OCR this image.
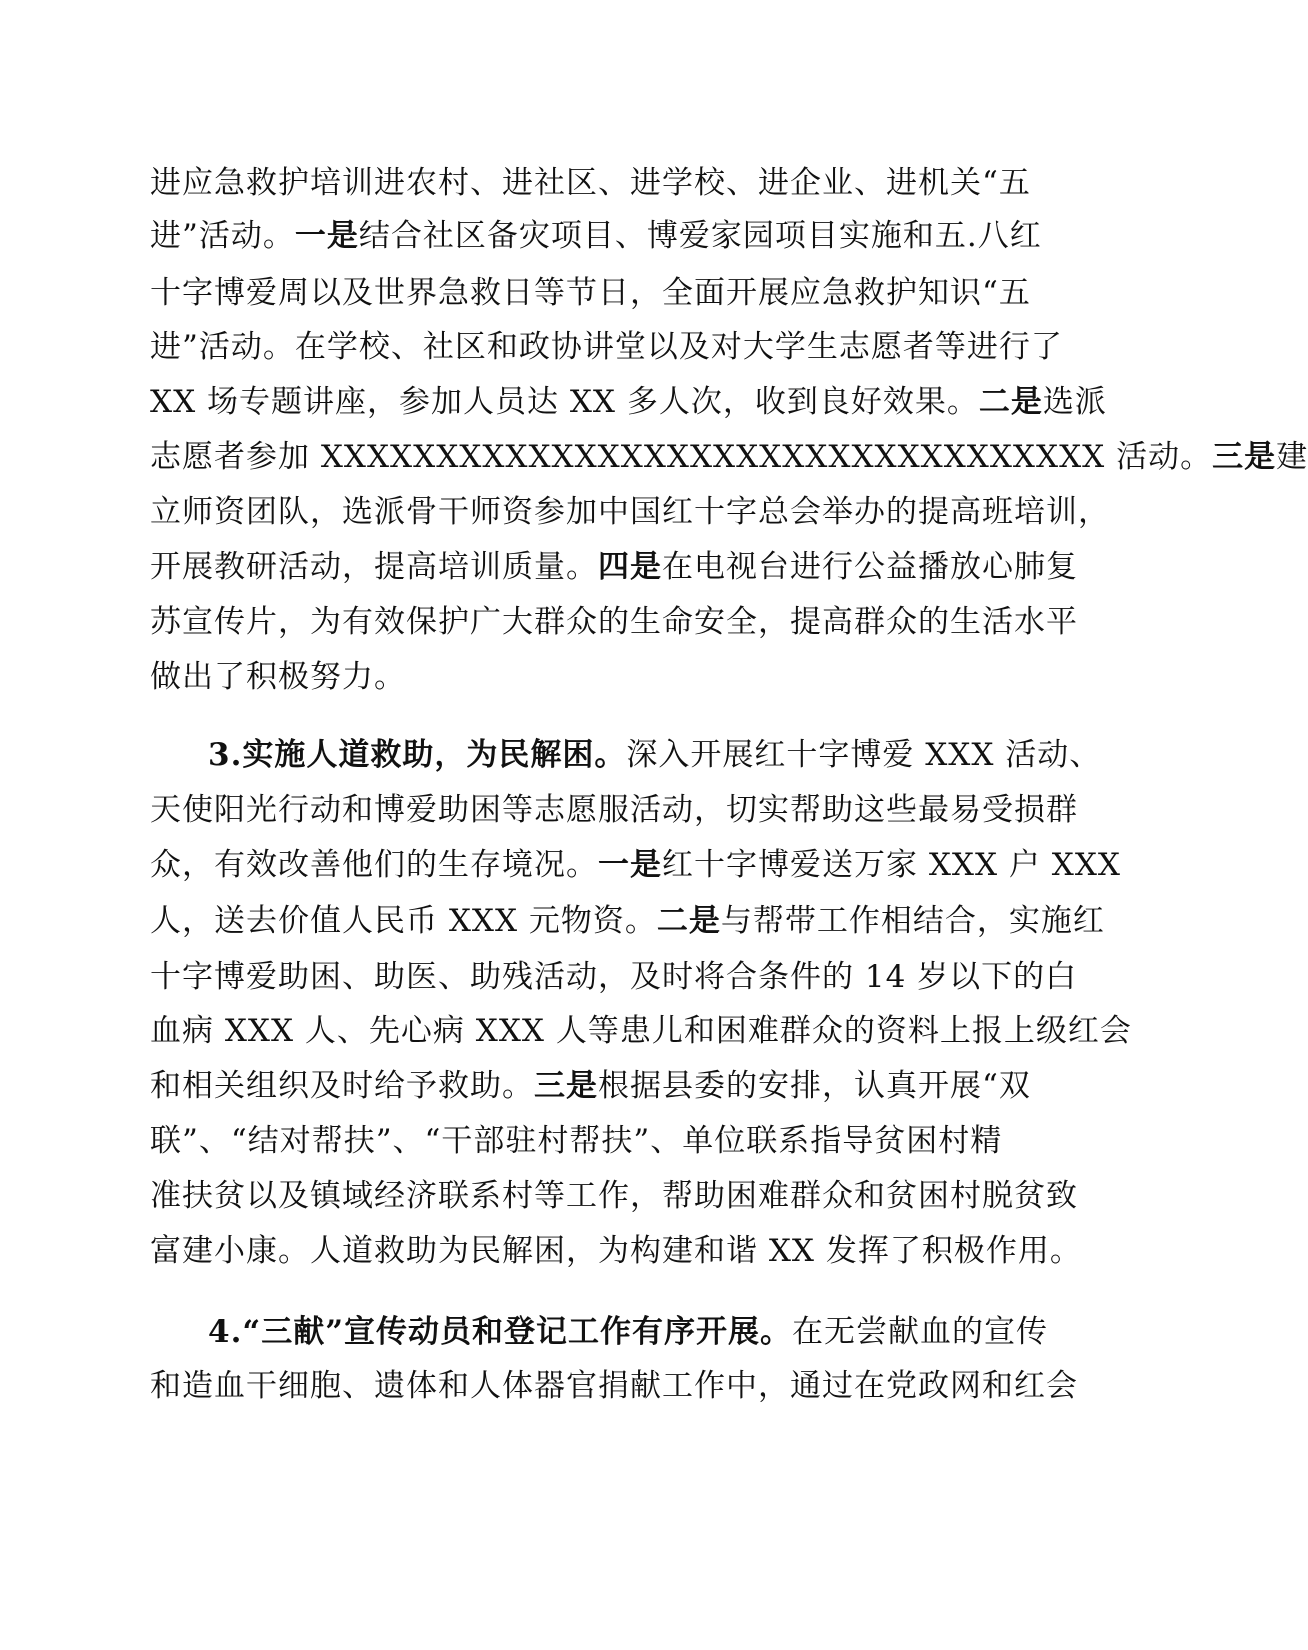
进应急救护培训进农村、进社区、进学校、进企业、进机关“五
进”活动。一是结合社区备灾项目、博爱家园项目实施和五.八红
十字博爱周以及世界急救日等节日，全面开展应急救护知识“五
进”活动。在学校、社区和政协讲堂以及对大学生志愿者等进行了
XX 场专题讲座，参加人员达 XX 多人次，收到良好效果。二是选派
志愿者参加 XXXXXXXXXXXXXXXXXXXXXXXXXXXXXXXXXX 活动。三是建
立师资团队，选派骨干师资参加中国红十字总会举办的提高班培训，
开展教研活动，提高培训质量。四是在电视台进行公益播放心肺复
苏宣传片，为有效保护广大群众的生命安全，提高群众的生活水平
做出了积极努力。
3.实施人道救助，为民解困。深入开展红十字博爱 XXX 活动、
天使阳光行动和博爱助困等志愿服活动，切实帮助这些最易受损群
众，有效改善他们的生存境况。一是红十字博爱送万家 XXX 户 XXX
人，送去价值人民币 XXX 元物资。二是与帮带工作相结合，实施红
十字博爱助困、助医、助残活动，及时将合条件的 14 岁以下的白
血病 XXX 人、先心病 XXX 人等患儿和困难群众的资料上报上级红会
和相关组织及时给予救助。三是根据县委的安排，认真开展“双
联”、“结对帮扶”、“干部驻村帮扶”、单位联系指导贫困村精
准扶贫以及镇域经济联系村等工作，帮助困难群众和贫困村脱贫致
富建小康。人道救助为民解困，为构建和谐 XX 发挥了积极作用。
4.“三献”宣传动员和登记工作有序开展。在无尝献血的宣传
和造血干细胞、遗体和人体器官捐献工作中，通过在党政网和红会
